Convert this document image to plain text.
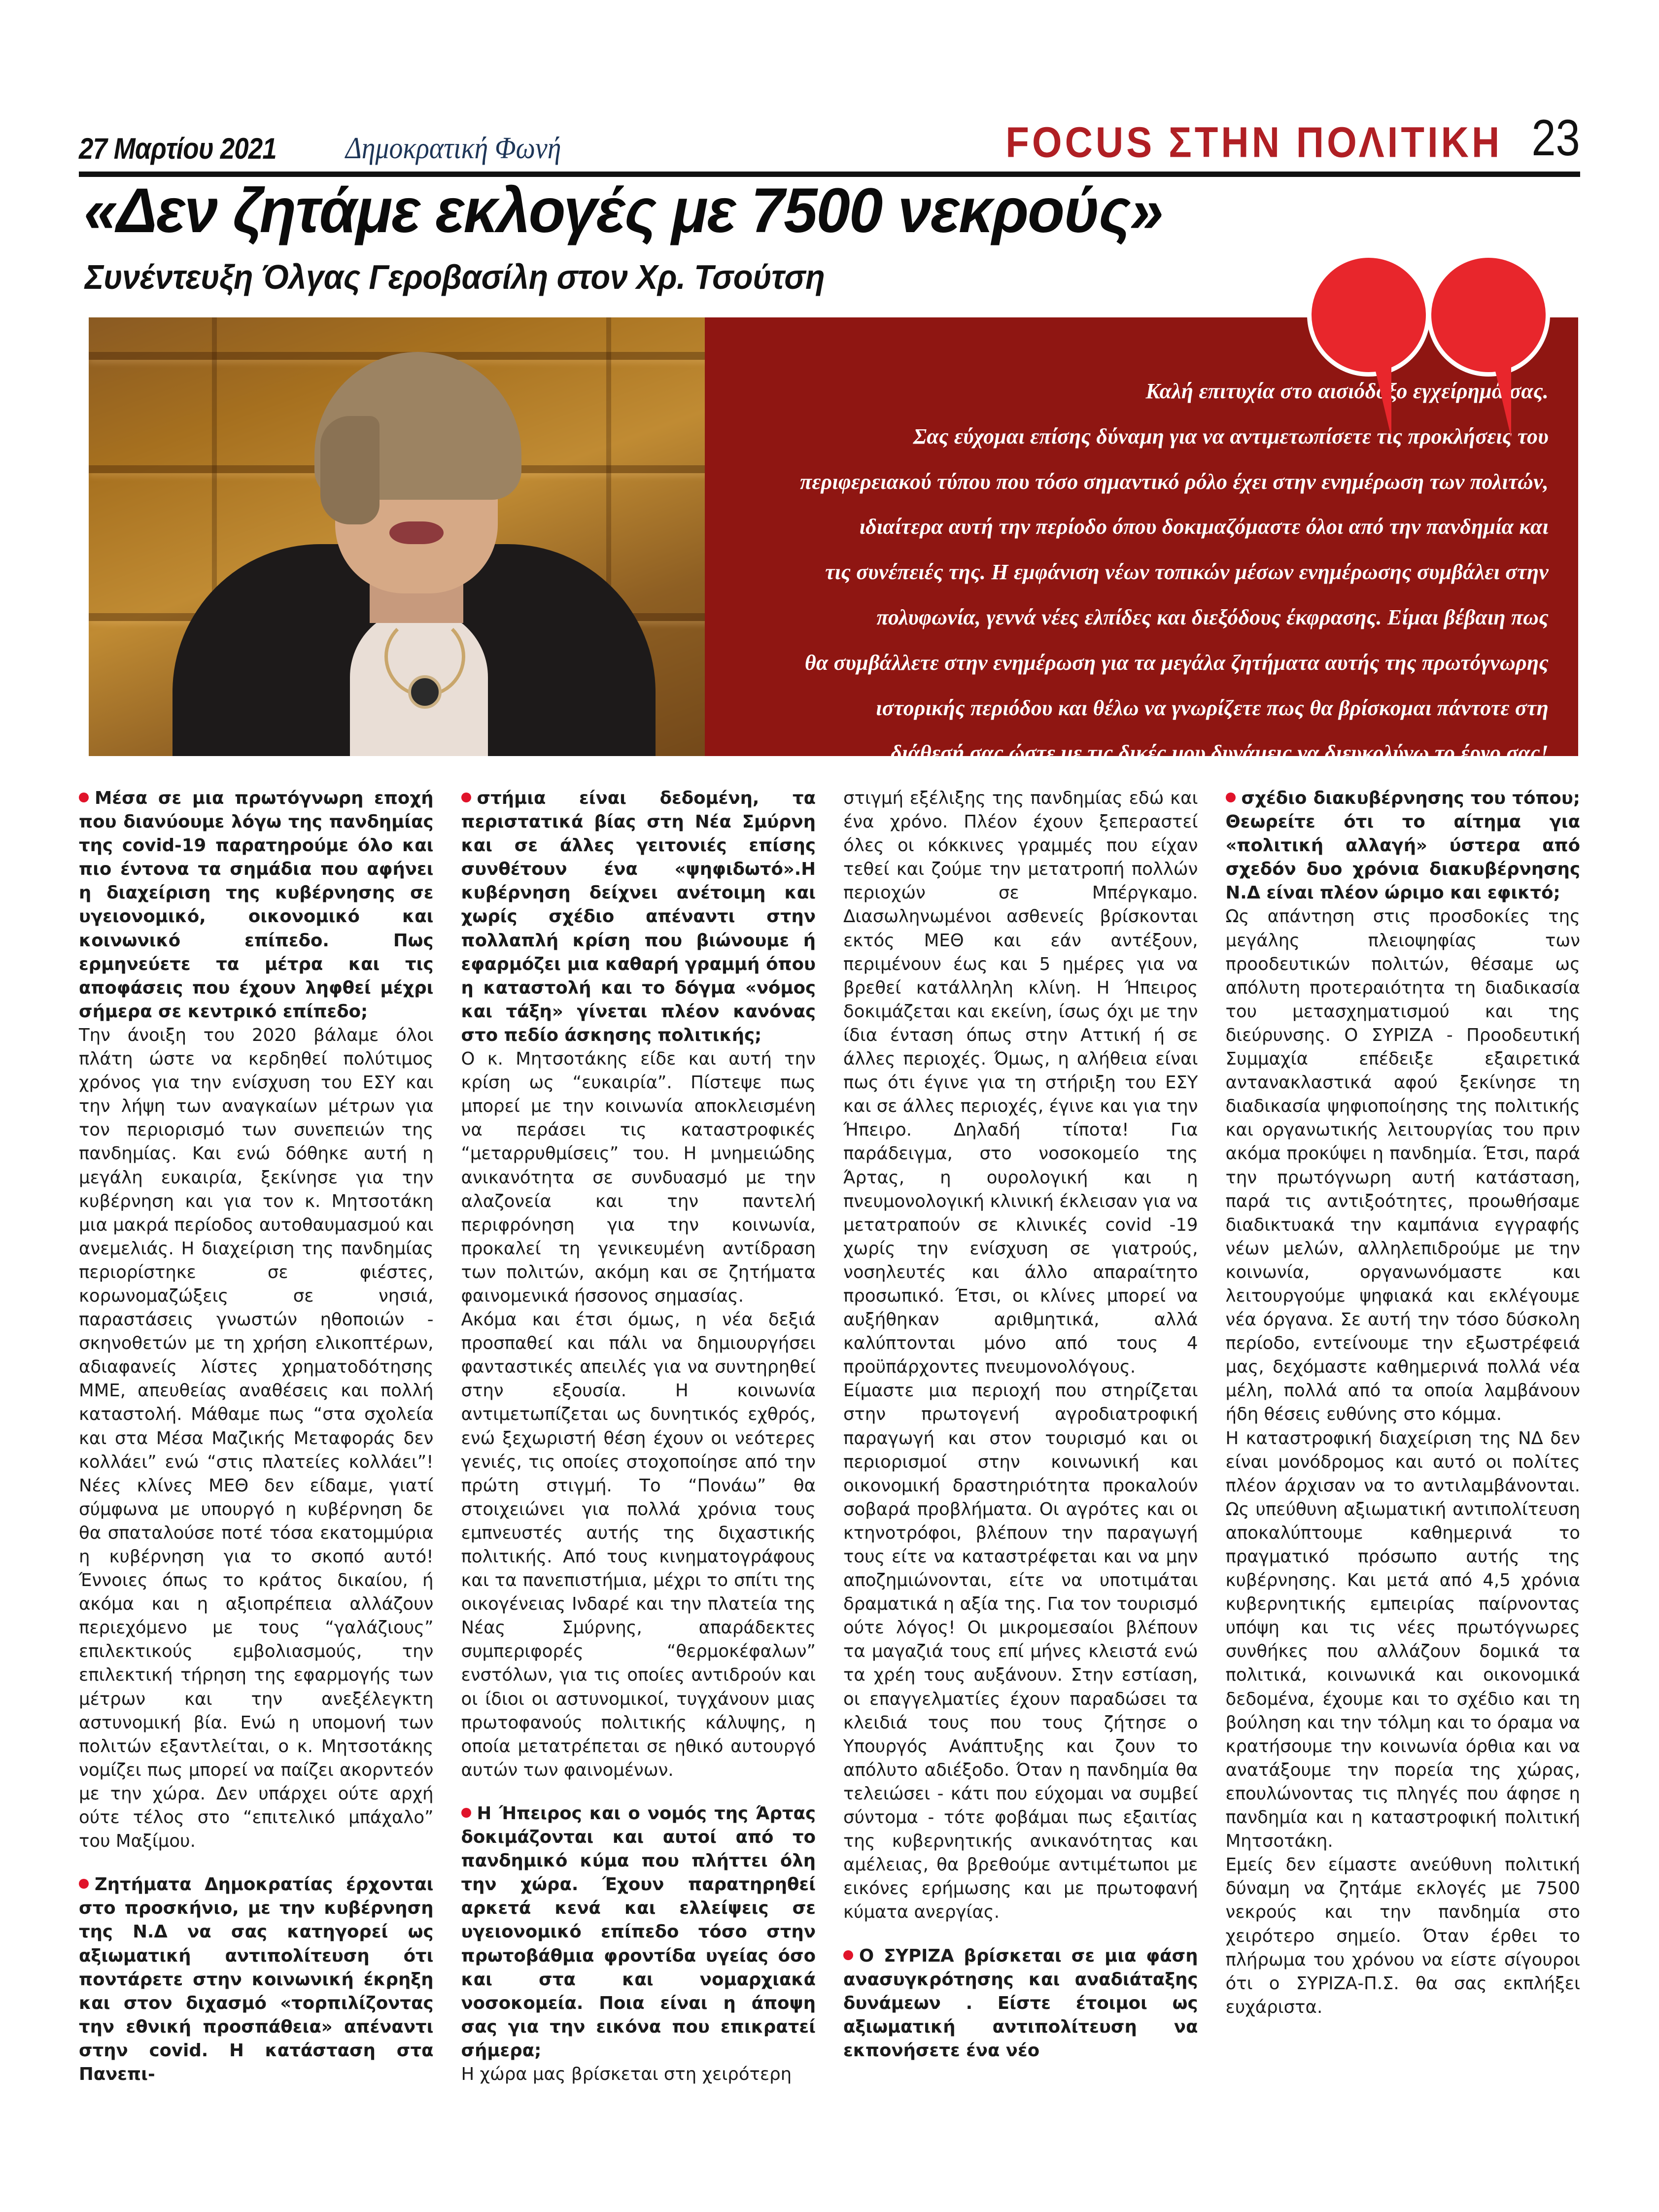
27 Μαρτίου 2021 Δημοκρατική Φωνή	FOCUS ΣΤΗΝ ΠΟΛΙΤΙΚΗ 23
«Δεν ζητάμε εκλογές με 7500 νεκρούς»
Συνέντευξη Όλγας Γεροβασίλη στον Χρ. Τσούτση

Καλή επιτυχία στο αισιόδοξο εγχείρημά σας.

Σας εύχομαι επίσης δύναμη για να αντιμετωπίσετε τις προκλήσεις του

περιφερειακού τύπου που τόσο σημαντικό ρόλο έχει στην ενημέρωση των πολιτών,

ιδιαίτερα αυτή την περίοδο όπου δοκιμαζόμαστε όλοι από την πανδημία και

τις συνέπειές της. Η εμφάνιση νέων τοπικών μέσων ενημέρωσης συμβάλει στην

πολυφωνία, γεννά νέες ελπίδες και διεξόδους έκφρασης. Είμαι βέβαιη πως

θα συμβάλλετε στην ενημέρωση για τα μεγάλα ζητήματα αυτής της πρωτόγνωρης

ιστορικής περιόδου και θέλω να γνωρίζετε πως θα βρίσκομαι πάντοτε στη

διάθεσή σας,ώστε με τις δικές μου δυνάμεις να διευκολύνω το έργο σας!

Μέσα σε μια πρωτόγνωρη εποχή που διανύουμε λόγω της πανδημίας της covid-19 παρατηρούμε όλο και πιο έντονα τα σημάδια που αφήνει η διαχείριση της κυβέρνησης σε υγειονομικό, οικονομικό και κοινωνικό επίπεδο. Πως ερμηνεύετε τα μέτρα και τις αποφάσεις που έχουν ληφθεί μέχρι σήμερα σε κεντρικό επίπεδο;

Την άνοιξη του 2020 βάλαμε όλοι πλάτη ώστε να κερδηθεί πολύτιμος χρόνος για την ενίσχυση του ΕΣΥ και την λήψη των αναγκαίων μέτρων για τον περιορισμό των συνεπειών της πανδημίας. Και ενώ δόθηκε αυτή η μεγάλη ευκαιρία, ξεκίνησε για την κυβέρνηση και για τον κ. Μητσοτάκη μια μακρά περίοδος αυτοθαυμασμού και ανεμελιάς. Η διαχείριση της πανδημίας περιορίστηκε σε φιέστες, κορωνομαζώξεις σε νησιά, παραστάσεις γνωστών ηθοποιών - σκηνοθετών με τη χρήση ελικοπτέρων, αδιαφανείς λίστες χρηματοδότησης ΜΜΕ, απευθείας αναθέσεις και πολλή καταστολή. Μάθαμε πως “στα σχολεία και στα Μέσα Μαζικής Μεταφοράς δεν κολλάει” ενώ “στις πλατείες κολλάει”! Νέες κλίνες ΜΕΘ δεν είδαμε, γιατί σύμφωνα με υπουργό η κυβέρνηση δε θα σπαταλούσε ποτέ τόσα εκατομμύρια η κυβέρνηση για το σκοπό αυτό! Έννοιες όπως το κράτος δικαίου, ή ακόμα και η αξιοπρέπεια αλλάζουν περιεχόμενο με τους “γαλάζιους” επιλεκτικούς εμβολιασμούς, την επιλεκτική τήρηση της εφαρμογής των μέτρων και την ανεξέλεγκτη αστυνομική βία. Ενώ η υπομονή των πολιτών εξαντλείται, ο κ. Μητσοτάκης νομίζει πως μπορεί να παίζει ακορντεόν με την χώρα. Δεν υπάρχει ούτε αρχή ούτε τέλος στο “επιτελικό μπάχαλο” του Μαξίμου.

Ζητήματα Δημοκρατίας έρχονται στο προσκήνιο, με την κυβέρνηση της Ν.Δ να σας κατηγορεί ως αξιωματική αντιπολίτευση ότι ποντάρετε στην κοινωνική έκρηξη και στον διχασμό «τορπιλίζοντας την εθνική προσπάθεια» απέναντι στην covid. Η κατάσταση στα Πανεπι-

στήμια είναι δεδομένη, τα περιστατικά βίας στη Νέα Σμύρνη και σε άλλες γειτονιές επίσης συνθέτουν ένα «ψηφιδωτό».Η κυβέρνηση δείχνει ανέτοιμη και χωρίς σχέδιο απέναντι στην πολλαπλή κρίση που βιώνουμε ή εφαρμόζει μια καθαρή γραμμή όπου η καταστολή και το δόγμα «νόμος και τάξη» γίνεται πλέον κανόνας στο πεδίο άσκησης πολιτικής;

Ο κ. Μητσοτάκης είδε και αυτή την κρίση ως “ευκαιρία”. Πίστεψε πως μπορεί με την κοινωνία αποκλεισμένη να περάσει τις καταστροφικές “μεταρρυθμίσεις” του. Η μνημειώδης ανικανότητα σε συνδυασμό με την αλαζονεία και την παντελή περιφρόνηση για την κοινωνία, προκαλεί τη γενικευμένη αντίδραση των πολιτών, ακόμη και σε ζητήματα φαινομενικά ήσσονος σημασίας.

Ακόμα και έτσι όμως, η νέα δεξιά προσπαθεί και πάλι να δημιουργήσει φανταστικές απειλές για να συντηρηθεί στην εξουσία. Η κοινωνία αντιμετωπίζεται ως δυνητικός εχθρός, ενώ ξεχωριστή θέση έχουν οι νεότερες γενιές, τις οποίες στοχοποίησε από την πρώτη στιγμή. Το “Πονάω” θα στοιχειώνει για πολλά χρόνια τους εμπνευστές αυτής της διχαστικής πολιτικής. Από τους κινηματογράφους και τα πανεπιστήμια, μέχρι το σπίτι της οικογένειας Ινδαρέ και την πλατεία της Νέας Σμύρνης, απαράδεκτες συμπεριφορές “θερμοκέφαλων” ενστόλων, για τις οποίες αντιδρούν και οι ίδιοι οι αστυνομικοί, τυγχάνουν μιας πρωτοφανούς πολιτικής κάλυψης, η οποία μετατρέπεται σε ηθικό αυτουργό αυτών των φαινομένων.

Η Ήπειρος και ο νομός της Άρτας δοκιμάζονται και αυτοί από το πανδημικό κύμα που πλήττει όλη την χώρα. Έχουν παρατηρηθεί αρκετά κενά και ελλείψεις σε υγειονομικό επίπεδο τόσο στην πρωτοβάθμια φροντίδα υγείας όσο και στα και νομαρχιακά νοσοκομεία. Ποια είναι η άποψη σας για την εικόνα που επικρατεί σήμερα;

Η χώρα μας βρίσκεται στη χειρότερη

στιγμή εξέλιξης της πανδημίας εδώ και ένα χρόνο. Πλέον έχουν ξεπεραστεί όλες οι κόκκινες γραμμές που είχαν τεθεί και ζούμε την μετατροπή πολλών περιοχών σε Μπέργκαμο. Διασωληνωμένοι ασθενείς βρίσκονται εκτός ΜΕΘ και εάν αντέξουν, περιμένουν έως και 5 ημέρες για να βρεθεί κατάλληλη κλίνη. Η Ήπειρος δοκιμάζεται και εκείνη, ίσως όχι με την ίδια ένταση όπως στην Αττική ή σε άλλες περιοχές. Όμως, η αλήθεια είναι πως ότι έγινε για τη στήριξη του ΕΣΥ και σε άλλες περιοχές, έγινε και για την Ήπειρο. Δηλαδή τίποτα! Για παράδειγμα, στο νοσοκομείο της Άρτας, η ουρολογική και η πνευμονολογική κλινική έκλεισαν για να μετατραπούν σε κλινικές covid -19 χωρίς την ενίσχυση σε γιατρούς, νοσηλευτές και άλλο απαραίτητο προσωπικό. Έτσι, οι κλίνες μπορεί να αυξήθηκαν αριθμητικά, αλλά καλύπτονται μόνο από τους 4 προϋπάρχοντες πνευμονολόγους.

Είμαστε μια περιοχή που στηρίζεται στην πρωτογενή αγροδιατροφική παραγωγή και στον τουρισμό και οι περιορισμοί στην κοινωνική και οικονομική δραστηριότητα προκαλούν σοβαρά προβλήματα. Οι αγρότες και οι κτηνοτρόφοι, βλέπουν την παραγωγή τους είτε να καταστρέφεται και να μην αποζημιώνονται, είτε να υποτιμάται δραματικά η αξία της. Για τον τουρισμό ούτε λόγος! Οι μικρομεσαίοι βλέπουν τα μαγαζιά τους επί μήνες κλειστά ενώ τα χρέη τους αυξάνουν. Στην εστίαση, οι επαγγελματίες έχουν παραδώσει τα κλειδιά τους που τους ζήτησε ο Υπουργός Ανάπτυξης και ζουν το απόλυτο αδιέξοδο. Όταν η πανδημία θα τελειώσει - κάτι που εύχομαι να συμβεί σύντομα - τότε φοβάμαι πως εξαιτίας της κυβερνητικής ανικανότητας και αμέλειας, θα βρεθούμε αντιμέτωποι με εικόνες ερήμωσης και με πρωτοφανή κύματα ανεργίας.

Ο ΣΥΡΙΖΑ βρίσκεται σε μια φάση ανασυγκρότησης και αναδιάταξης δυνάμεων . Είστε έτοιμοι ως αξιωματική αντιπολίτευση να εκπονήσετε ένα νέο

σχέδιο διακυβέρνησης του τόπου; Θεωρείτε ότι το αίτημα για «πολιτική αλλαγή» ύστερα από σχεδόν δυο χρόνια διακυβέρνησης Ν.Δ είναι πλέον ώριμο και εφικτό;

Ως απάντηση στις προσδοκίες της μεγάλης πλειοψηφίας των προοδευτικών πολιτών, θέσαμε ως απόλυτη προτεραιότητα τη διαδικασία του μετασχηματισμού και της διεύρυνσης. Ο ΣΥΡΙΖΑ - Προοδευτική Συμμαχία επέδειξε εξαιρετικά αντανακλαστικά αφού ξεκίνησε τη διαδικασία ψηφιοποίησης της πολιτικής και οργανωτικής λειτουργίας του πριν ακόμα προκύψει η πανδημία. Έτσι, παρά την πρωτόγνωρη αυτή κατάσταση, παρά τις αντιξοότητες, προωθήσαμε διαδικτυακά την καμπάνια εγγραφής νέων μελών, αλληλεπιδρούμε με την κοινωνία, οργανωνόμαστε και λειτουργούμε ψηφιακά και εκλέγουμε νέα όργανα. Σε αυτή την τόσο δύσκολη περίοδο, εντείνουμε την εξωστρέφειά μας, δεχόμαστε καθημερινά πολλά νέα μέλη, πολλά από τα οποία λαμβάνουν ήδη θέσεις ευθύνης στο κόμμα.

Η καταστροφική διαχείριση της ΝΔ δεν είναι μονόδρομος και αυτό οι πολίτες πλέον άρχισαν να το αντιλαμβάνονται. Ως υπεύθυνη αξιωματική αντιπολίτευση αποκαλύπτουμε καθημερινά το πραγματικό πρόσωπο αυτής της κυβέρνησης. Και μετά από 4,5 χρόνια κυβερνητικής εμπειρίας παίρνοντας υπόψη και τις νέες πρωτόγνωρες συνθήκες που αλλάζουν δομικά τα πολιτικά, κοινωνικά και οικονομικά δεδομένα, έχουμε και το σχέδιο και τη βούληση και την τόλμη και το όραμα να κρατήσουμε την κοινωνία όρθια και να ανατάξουμε την πορεία της χώρας, επουλώνοντας τις πληγές που άφησε η πανδημία και η καταστροφική πολιτική Μητσοτάκη.

Εμείς δεν είμαστε ανεύθυνη πολιτική δύναμη να ζητάμε εκλογές με 7500 νεκρούς και την πανδημία στο χειρότερο σημείο. Όταν έρθει το πλήρωμα του χρόνου να είστε σίγουροι ότι ο ΣΥΡΙΖΑ-Π.Σ. θα σας εκπλήξει ευχάριστα.
